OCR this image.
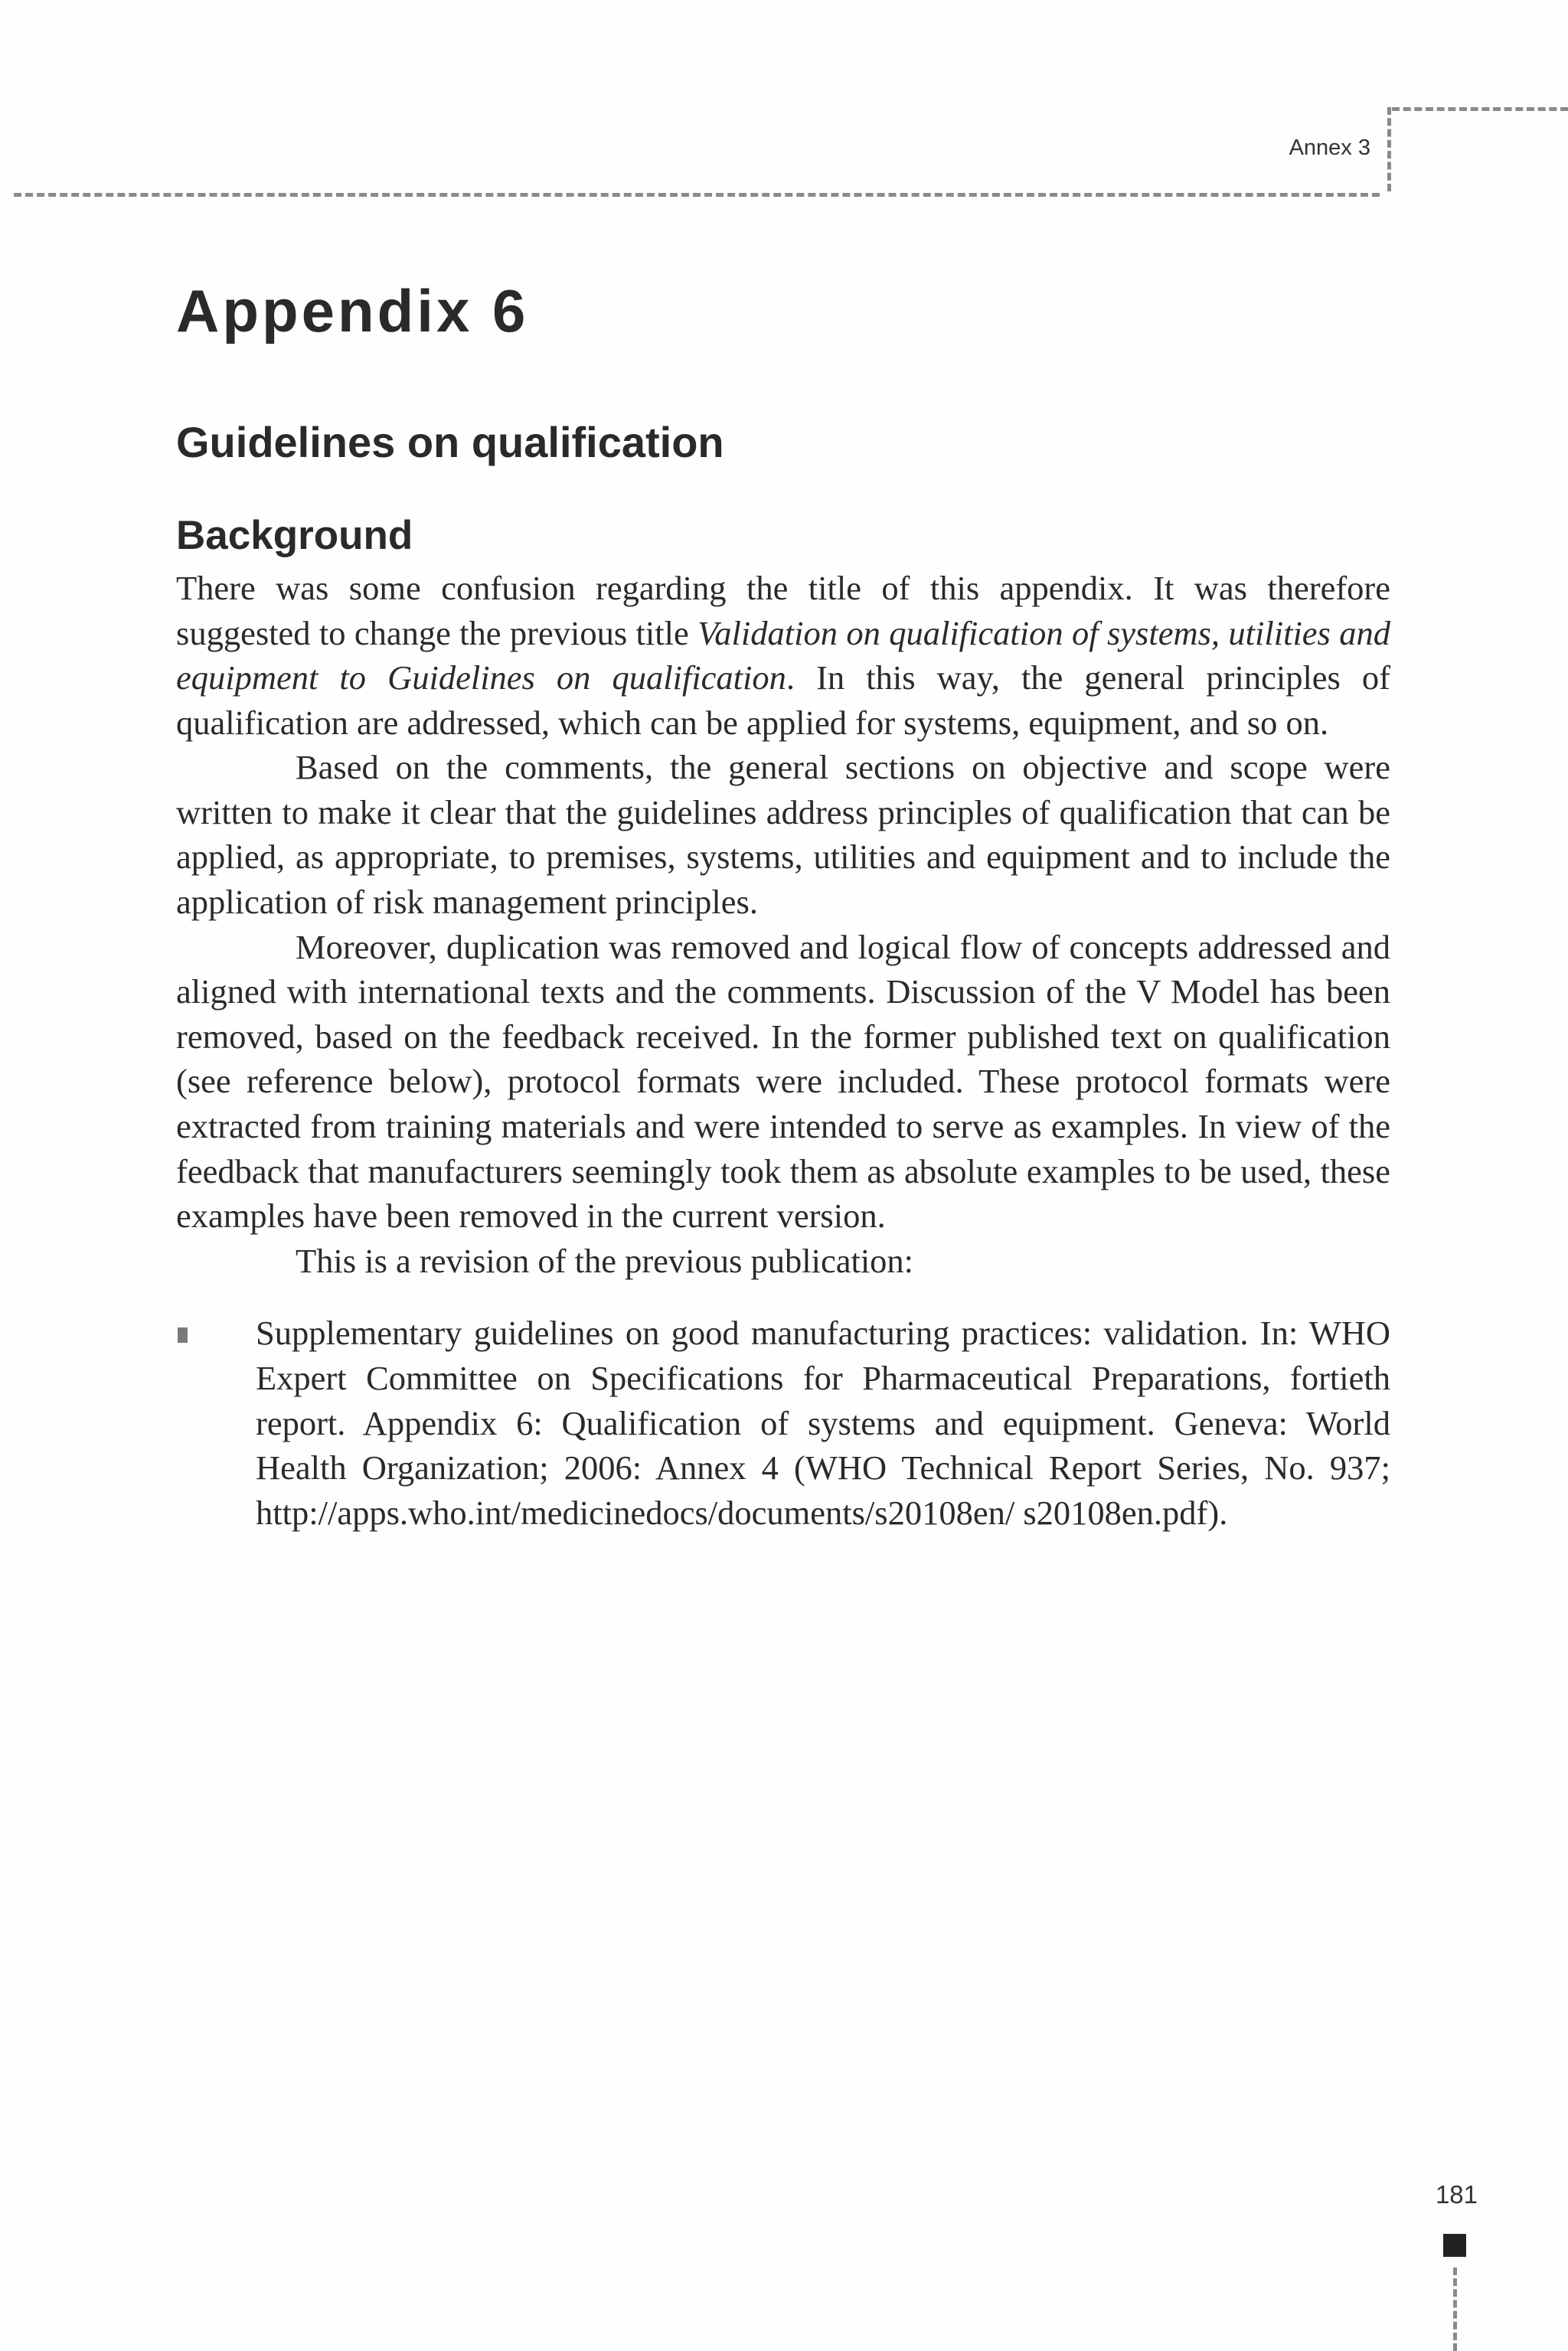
Annex 3
Appendix 6
Guidelines on qualification
Background

There was some confusion regarding the title of this appendix. It was therefore suggested to change the previous title Validation on qualification of systems, utilities and equipment to Guidelines on qualification. In this way, the general principles of qualification are addressed, which can be applied for systems, equipment, and so on.

Based on the comments, the general sections on objective and scope were written to make it clear that the guidelines address principles of qualification that can be applied, as appropriate, to premises, systems, utilities and equipment and to include the application of risk management principles.

Moreover, duplication was removed and logical flow of concepts addressed and aligned with international texts and the comments. Discussion of the V Model has been removed, based on the feedback received. In the former published text on qualification (see reference below), protocol formats were included. These protocol formats were extracted from training materials and were intended to serve as examples. In view of the feedback that manufacturers seemingly took them as absolute examples to be used, these examples have been removed in the current version.

This is a revision of the previous publication:

Supplementary guidelines on good manufacturing practices: validation. In: WHO Expert Committee on Specifications for Pharmaceutical Preparations, fortieth report. Appendix 6: Qualification of systems and equipment. Geneva: World Health Organization; 2006: Annex 4 (WHO Technical Report Series, No. 937; http://apps.who.int/medicinedocs/documents/s20108en/ s20108en.pdf).
181
